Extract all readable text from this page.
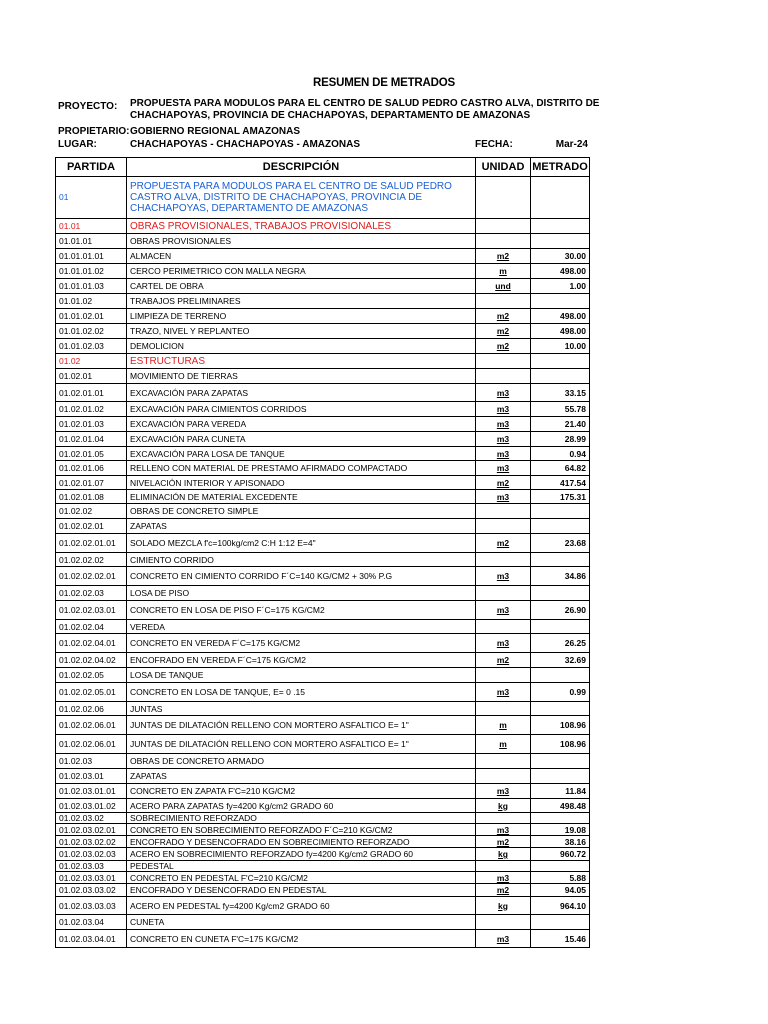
RESUMEN DE METRADOS
PROYECTO: PROPUESTA PARA MODULOS PARA EL CENTRO DE SALUD PEDRO CASTRO ALVA, DISTRITO DE CHACHAPOYAS, PROVINCIA DE CHACHAPOYAS, DEPARTAMENTO DE AMAZONAS
PROPIETARIO: GOBIERNO REGIONAL AMAZONAS
LUGAR:	CHACHAPOYAS - CHACHAPOYAS - AMAZONAS	FECHA:	Mar-24
PARTIDA	DESCRIPCIÓN	UNIDAD	METRADO
01	PROPUESTA PARA MODULOS PARA EL CENTRO DE SALUD PEDRO CASTRO ALVA, DISTRITO DE CHACHAPOYAS, PROVINCIA DE CHACHAPOYAS, DEPARTAMENTO DE AMAZONAS		
01.01	OBRAS PROVISIONALES, TRABAJOS PROVISIONALES		
01.01.01	OBRAS PROVISIONALES		
01.01.01.01	ALMACEN	m2	30.00
01.01.01.02	CERCO PERIMETRICO CON MALLA NEGRA	m	498.00
01.01.01.03	CARTEL DE OBRA	und	1.00
01.01.02	TRABAJOS PRELIMINARES		
01.01.02.01	LIMPIEZA DE TERRENO	m2	498.00
01.01.02.02	TRAZO, NIVEL Y REPLANTEO	m2	498.00
01.01.02.03	DEMOLICION	m2	10.00
01.02	ESTRUCTURAS		
01.02.01	MOVIMIENTO DE TIERRAS		
01.02.01.01	EXCAVACIÓN PARA ZAPATAS	m3	33.15
01.02.01.02	EXCAVACIÓN PARA CIMIENTOS CORRIDOS	m3	55.78
01.02.01.03	EXCAVACIÓN PARA VEREDA	m3	21.40
01.02.01.04	EXCAVACIÓN PARA CUNETA	m3	28.99
01.02.01.05	EXCAVACIÓN PARA LOSA DE TANQUE	m3	0.94
01.02.01.06	RELLENO CON MATERIAL DE PRESTAMO AFIRMADO COMPACTADO	m3	64.82
01.02.01.07	NIVELACIÓN INTERIOR Y APISONADO	m2	417.54
01.02.01.08	ELIMINACIÓN DE MATERIAL EXCEDENTE	m3	175.31
01.02.02	OBRAS DE CONCRETO SIMPLE		
01.02.02.01	ZAPATAS		
01.02.02.01.01	SOLADO MEZCLA f'c=100kg/cm2 C:H 1:12 E=4"	m2	23.68
01.02.02.02	CIMIENTO CORRIDO		
01.02.02.02.01	CONCRETO EN CIMIENTO CORRIDO F´C=140 KG/CM2 + 30% P.G	m3	34.86
01.02.02.03	LOSA DE PISO		
01.02.02.03.01	CONCRETO EN LOSA DE PISO F´C=175 KG/CM2	m3	26.90
01.02.02.04	VEREDA		
01.02.02.04.01	CONCRETO EN VEREDA F´C=175 KG/CM2	m3	26.25
01.02.02.04.02	ENCOFRADO EN VEREDA F´C=175 KG/CM2	m2	32.69
01.02.02.05	LOSA DE TANQUE		
01.02.02.05.01	CONCRETO EN LOSA DE TANQUE, E= 0 .15	m3	0.99
01.02.02.06	JUNTAS		
01.02.02.06.01	JUNTAS DE DILATACIÓN RELLENO CON MORTERO ASFALTICO E= 1"	m	108.96
01.02.02.06.01	JUNTAS DE DILATACIÓN RELLENO CON MORTERO ASFALTICO E= 1"	m	108.96
01.02.03	OBRAS DE CONCRETO ARMADO		
01.02.03.01	ZAPATAS		
01.02.03.01.01	CONCRETO EN ZAPATA F'C=210 KG/CM2	m3	11.84
01.02.03.01.02	ACERO PARA ZAPATAS fy=4200 Kg/cm2 GRADO 60	kg	498.48
01.02.03.02	SOBRECIMIENTO REFORZADO		
01.02.03.02.01	CONCRETO EN SOBRECIMIENTO REFORZADO F´C=210 KG/CM2	m3	19.08
01.02.03.02.02	ENCOFRADO Y DESENCOFRADO EN SOBRECIMIENTO REFORZADO	m2	38.16
01.02.03.02.03	ACERO EN SOBRECIMIENTO REFORZADO fy=4200 Kg/cm2 GRADO 60	kg	960.72
01.02.03.03	PEDESTAL		
01.02.03.03.01	CONCRETO EN PEDESTAL F'C=210 KG/CM2	m3	5.88
01.02.03.03.02	ENCOFRADO Y DESENCOFRADO EN PEDESTAL	m2	94.05
01.02.03.03.03	ACERO EN PEDESTAL fy=4200 Kg/cm2 GRADO 60	kg	964.10
01.02.03.04	CUNETA		
01.02.03.04.01	CONCRETO EN CUNETA F'C=175 KG/CM2	m3	15.46
